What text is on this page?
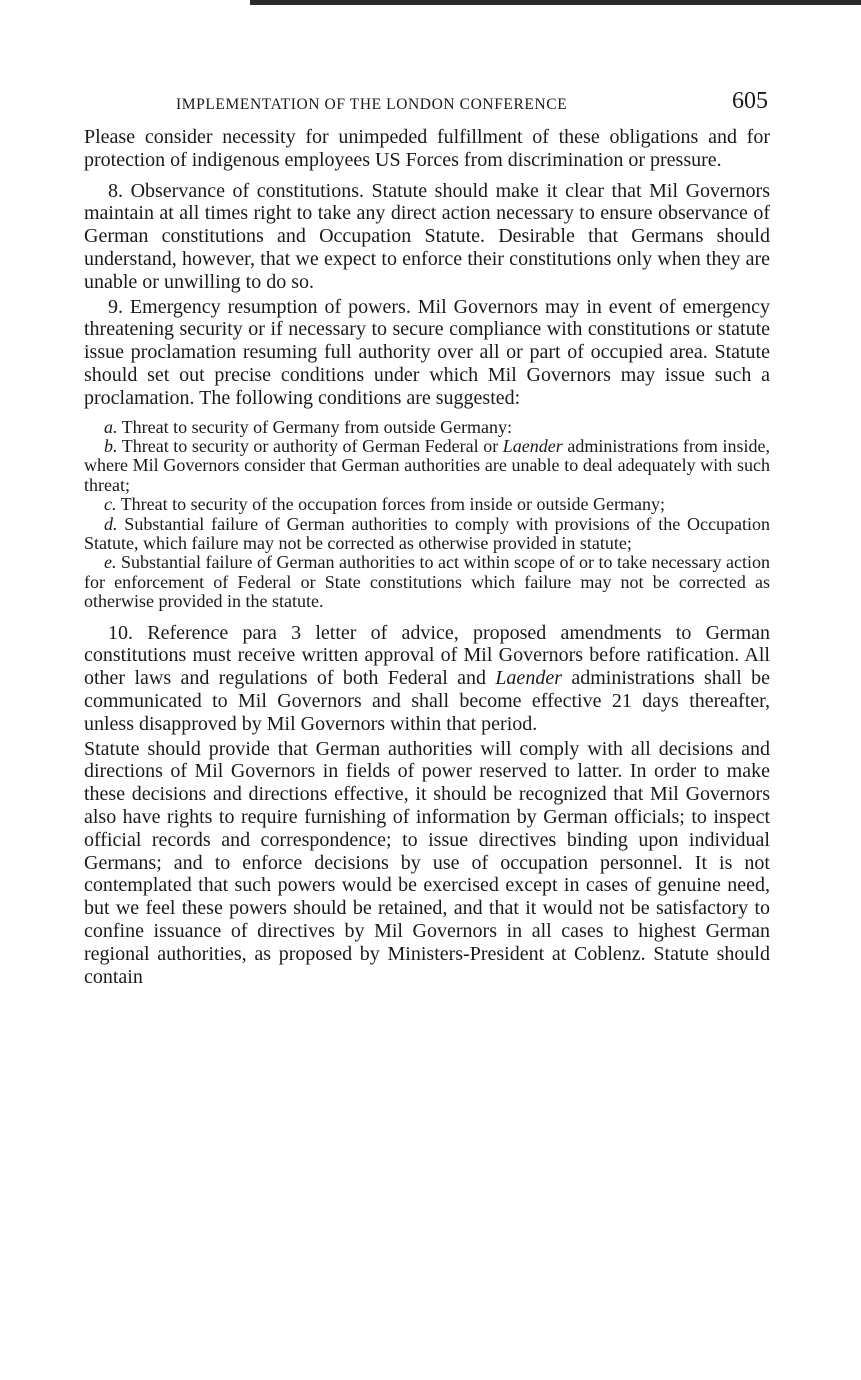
IMPLEMENTATION OF THE LONDON CONFERENCE	605

Please consider necessity for unimpeded fulfillment of these obligations and for protection of indigenous employees US Forces from discrimination or pressure.

8. Observance of constitutions. Statute should make it clear that Mil Governors maintain at all times right to take any direct action necessary to ensure observance of German constitutions and Occupation Statute. Desirable that Germans should understand, however, that we expect to enforce their constitutions only when they are unable or unwilling to do so.

9. Emergency resumption of powers. Mil Governors may in event of emergency threatening security or if necessary to secure compliance with constitutions or statute issue proclamation resuming full authority over all or part of occupied area. Statute should set out precise conditions under which Mil Governors may issue such a proclamation. The following conditions are suggested:

a. Threat to security of Germany from outside Germany:

b. Threat to security or authority of German Federal or Laender administrations from inside, where Mil Governors consider that German authorities are unable to deal adequately with such threat;

c. Threat to security of the occupation forces from inside or outside Germany;

d. Substantial failure of German authorities to comply with provisions of the Occupation Statute, which failure may not be corrected as otherwise provided in statute;

e. Substantial failure of German authorities to act within scope of or to take necessary action for enforcement of Federal or State constitutions which failure may not be corrected as otherwise provided in the statute.

10. Reference para 3 letter of advice, proposed amendments to German constitutions must receive written approval of Mil Governors before ratification. All other laws and regulations of both Federal and Laender administrations shall be communicated to Mil Governors and shall become effective 21 days thereafter, unless disapproved by Mil Governors within that period.

Statute should provide that German authorities will comply with all decisions and directions of Mil Governors in fields of power reserved to latter. In order to make these decisions and directions effective, it should be recognized that Mil Governors also have rights to require furnishing of information by German officials; to inspect official records and correspondence; to issue directives binding upon individual Germans; and to enforce decisions by use of occupation personnel. It is not contemplated that such powers would be exercised except in cases of genuine need, but we feel these powers should be retained, and that it would not be satisfactory to confine issuance of directives by Mil Governors in all cases to highest German regional authorities, as proposed by Ministers-President at Coblenz. Statute should contain
